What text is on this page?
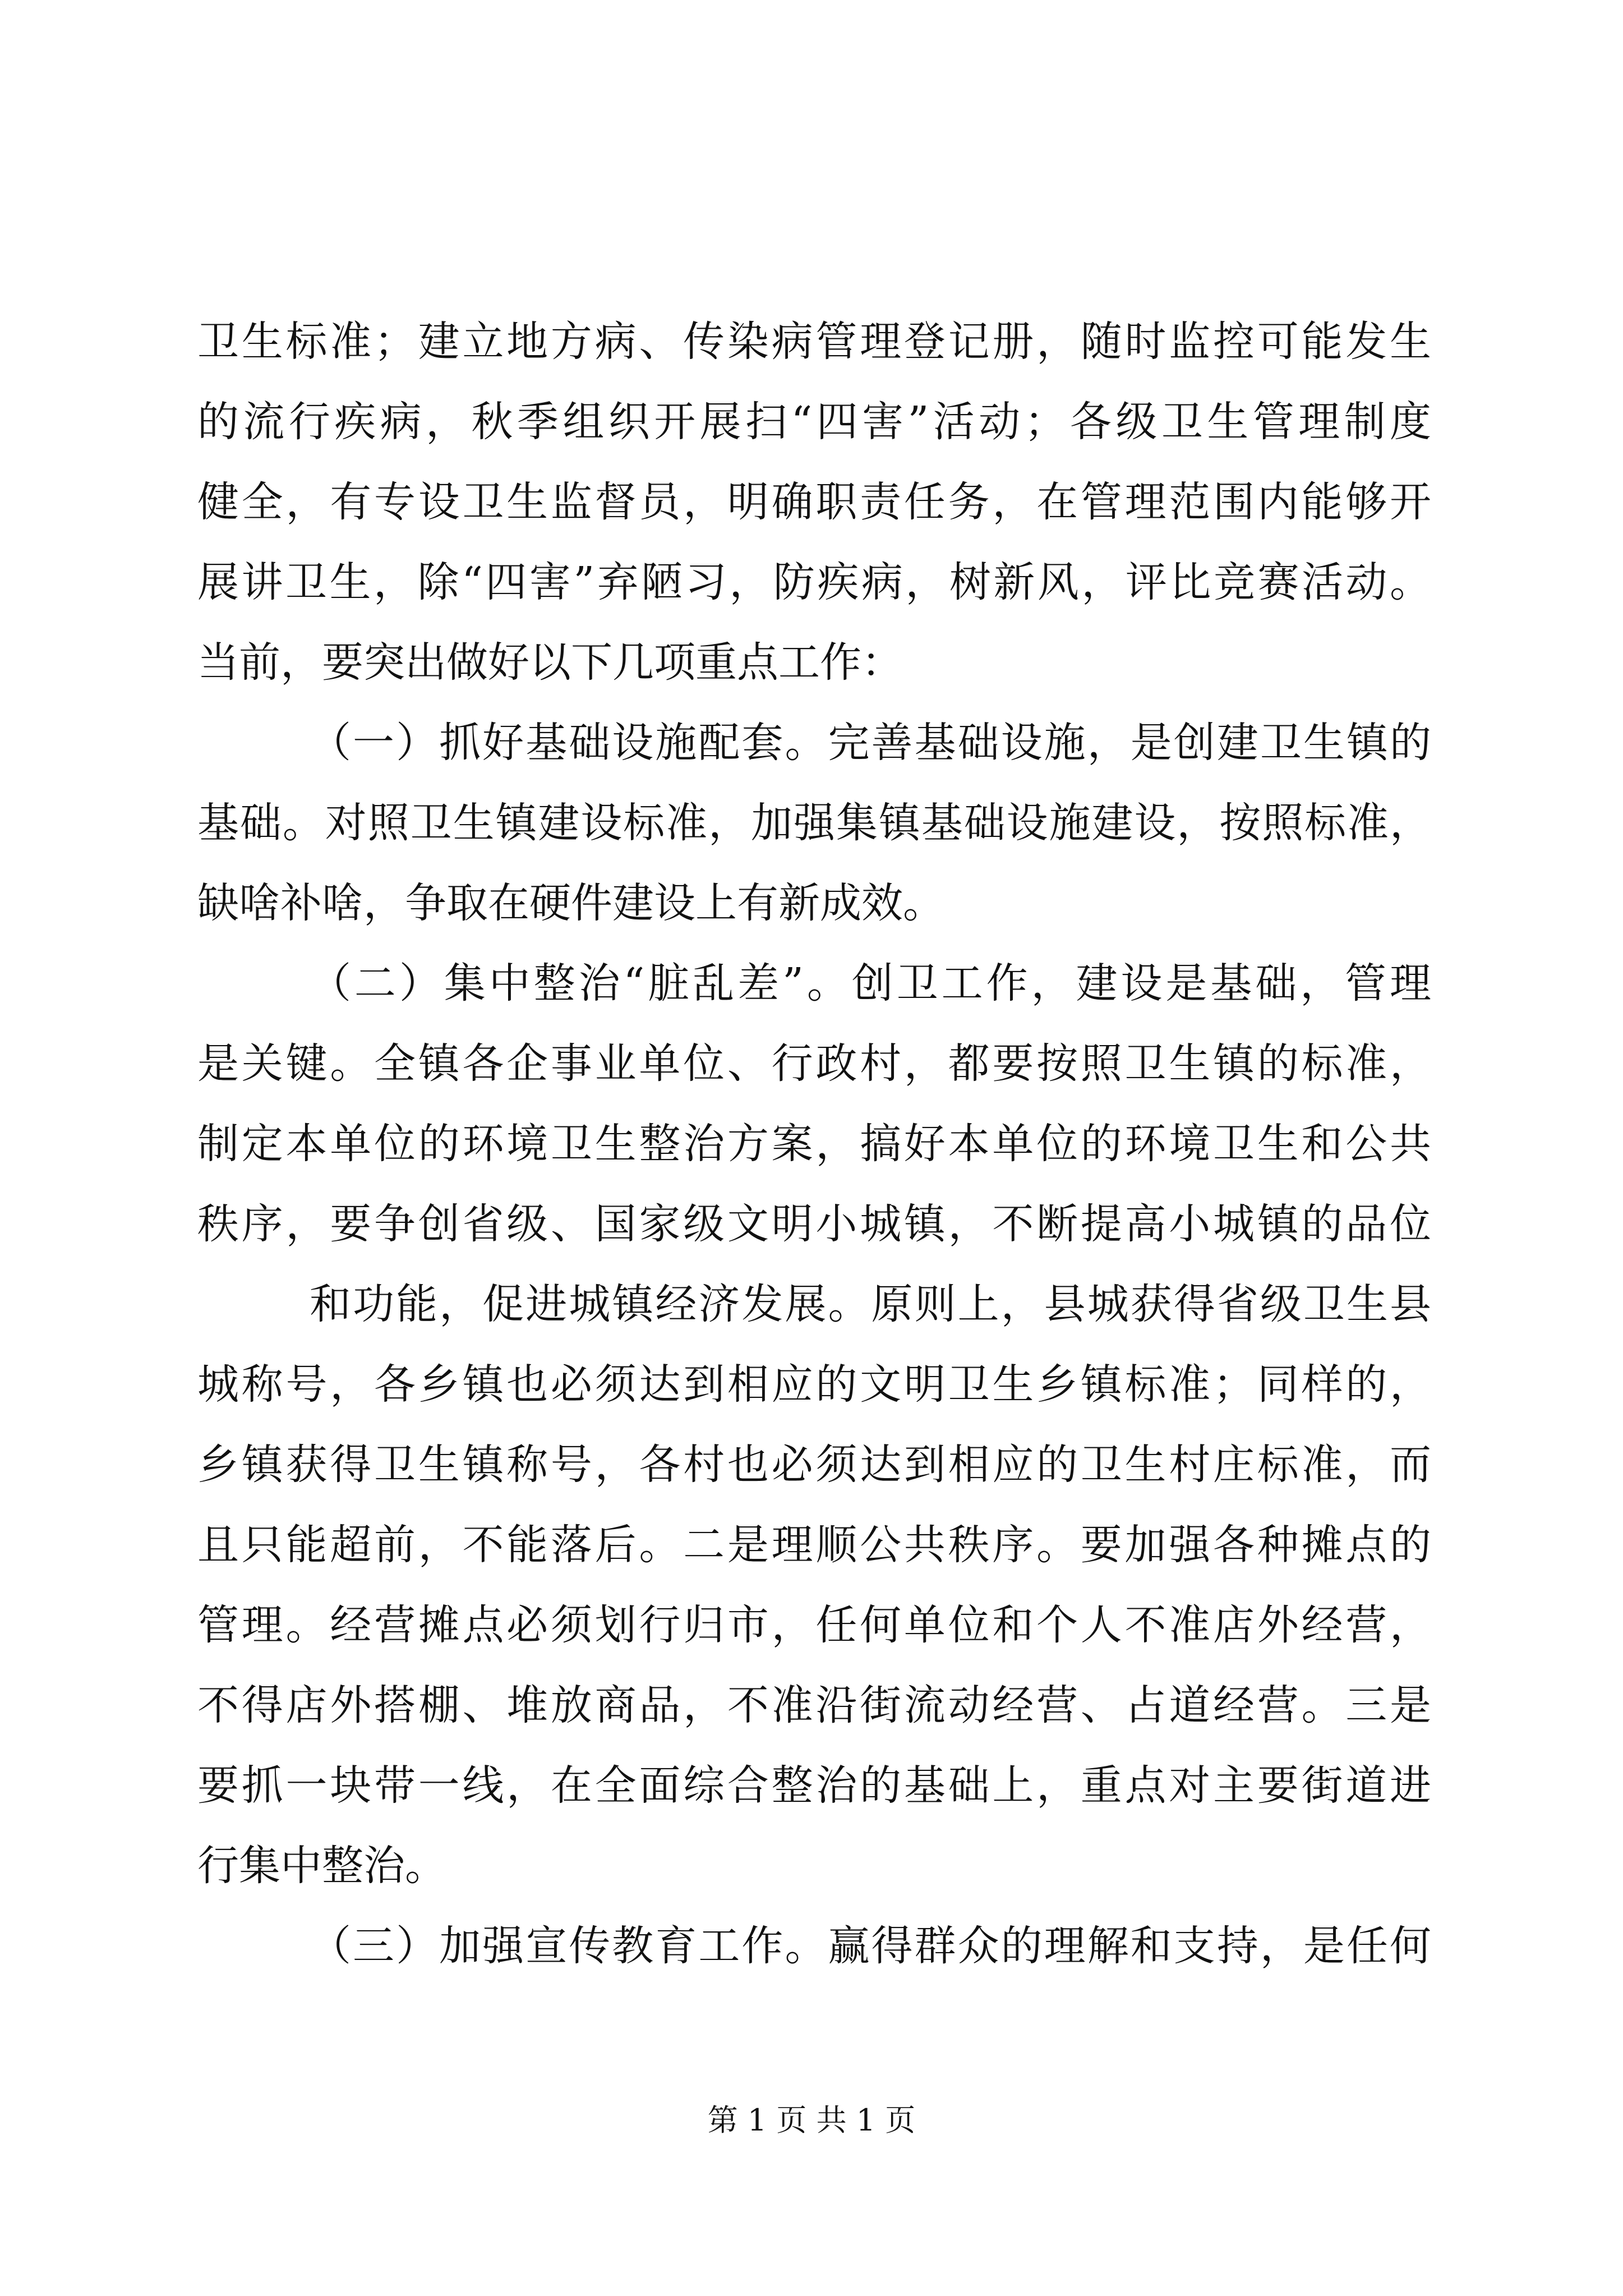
卫​生​标​准​；​建​立​地​方​病​、​传​染​病​管​理​登​记​册​，​随​时​监​控​可​能​发​生
的​流​行​疾​病​，​秋​季​组​织​开​展​扫​“​四​害​”​活​动​；​各​级​卫​生​管​理​制​度
健​全​，​有​专​设​卫​生​监​督​员​，​明​确​职​责​任​务​，​在​管​理​范​围​内​能​够​开
展​讲​卫​生​，​除​“​四​害​”​弃​陋​习​，​防​疾​病​，​树​新​风​，​评​比​竞​赛​活​动​。
当前，要突出做好以下几项重点工作：
（​一​）​抓​好​基​础​设​施​配​套​。​完​善​基​础​设​施​，​是​创​建​卫​生​镇​的
基​础​。​对​照​卫​生​镇​建​设​标​准​，​加​强​集​镇​基​础​设​施​建​设​，​按​照​标​准​，
缺啥补啥，争取在硬件建设上有新成效。
（​二​）​集​中​整​治​“​脏​乱​差​”​。​创​卫​工​作​，​建​设​是​基​础​，​管​理
是​关​键​。​全​镇​各​企​事​业​单​位​、​行​政​村​，​都​要​按​照​卫​生​镇​的​标​准​，
制​定​本​单​位​的​环​境​卫​生​整​治​方​案​，​搞​好​本​单​位​的​环​境​卫​生​和​公​共
秩​序​，​要​争​创​省​级​、​国​家​级​文​明​小​城​镇​，​不​断​提​高​小​城​镇​的​品​位
和​功​能​，​促​进​城​镇​经​济​发​展​。​原​则​上​，​县​城​获​得​省​级​卫​生​县
城​称​号​，​各​乡​镇​也​必​须​达​到​相​应​的​文​明​卫​生​乡​镇​标​准​；​同​样​的​，
乡​镇​获​得​卫​生​镇​称​号​，​各​村​也​必​须​达​到​相​应​的​卫​生​村​庄​标​准​，​而
且​只​能​超​前​，​不​能​落​后​。​二​是​理​顺​公​共​秩​序​。​要​加​强​各​种​摊​点​的
管​理​。​经​营​摊​点​必​须​划​行​归​市​，​任​何​单​位​和​个​人​不​准​店​外​经​营​，
不​得​店​外​搭​棚​、​堆​放​商​品​，​不​准​沿​街​流​动​经​营​、​占​道​经​营​。​三​是
要​抓​一​块​带​一​线​，​在​全​面​综​合​整​治​的​基​础​上​，​重​点​对​主​要​街​道​进
行集中整治。
（​三​）​加​强​宣​传​教​育​工​作​。​赢​得​群​众​的​理​解​和​支​持​，​是​任​何
第 1 页 共 1 页
